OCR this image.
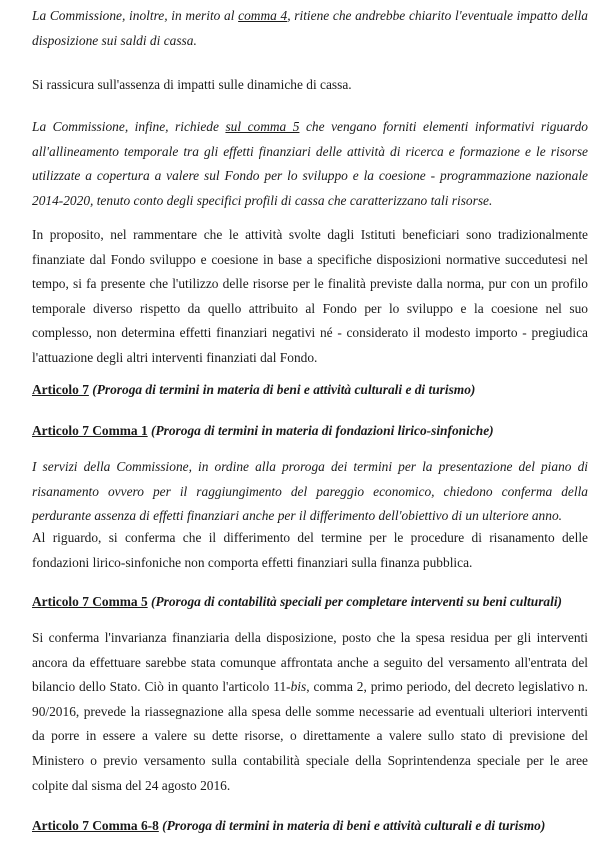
La Commissione, inoltre, in merito al comma 4, ritiene che andrebbe chiarito l'eventuale impatto della disposizione sui saldi di cassa.

Si rassicura sull'assenza di impatti sulle dinamiche di cassa.

La Commissione, infine, richiede sul comma 5 che vengano forniti elementi informativi riguardo all'allineamento temporale tra gli effetti finanziari delle attività di ricerca e formazione e le risorse utilizzate a copertura a valere sul Fondo per lo sviluppo e la coesione - programmazione nazionale 2014-2020, tenuto conto degli specifici profili di cassa che caratterizzano tali risorse.

In proposito, nel rammentare che le attività svolte dagli Istituti beneficiari sono tradizionalmente finanziate dal Fondo sviluppo e coesione in base a specifiche disposizioni normative succedutesi nel tempo, si fa presente che l'utilizzo delle risorse per le finalità previste dalla norma, pur con un profilo temporale diverso rispetto da quello attribuito al Fondo per lo sviluppo e la coesione nel suo complesso, non determina effetti finanziari negativi né - considerato il modesto importo - pregiudica l'attuazione degli altri interventi finanziati dal Fondo.

Articolo 7 (Proroga di termini in materia di beni e attività culturali e di turismo)
Articolo 7 Comma 1 (Proroga di termini in materia di fondazioni lirico-sinfoniche)

I servizi della Commissione, in ordine alla proroga dei termini per la presentazione del piano di risanamento ovvero per il raggiungimento del pareggio economico, chiedono conferma della perdurante assenza di effetti finanziari anche per il differimento dell'obiettivo di un ulteriore anno.

Al riguardo, si conferma che il differimento del termine per le procedure di risanamento delle fondazioni lirico-sinfoniche non comporta effetti finanziari sulla finanza pubblica.

Articolo 7 Comma 5 (Proroga di contabilità speciali per completare interventi su beni culturali)

Si conferma l'invarianza finanziaria della disposizione, posto che la spesa residua per gli interventi ancora da effettuare sarebbe stata comunque affrontata anche a seguito del versamento all'entrata del bilancio dello Stato. Ciò in quanto l'articolo 11-bis, comma 2, primo periodo, del decreto legislativo n. 90/2016, prevede la riassegnazione alla spesa delle somme necessarie ad eventuali ulteriori interventi da porre in essere a valere su dette risorse, o direttamente a valere sullo stato di previsione del Ministero o previo versamento sulla contabilità speciale della Soprintendenza speciale per le aree colpite dal sisma del 24 agosto 2016.

Articolo 7 Comma 6-8 (Proroga di termini in materia di beni e attività culturali e di turismo)
